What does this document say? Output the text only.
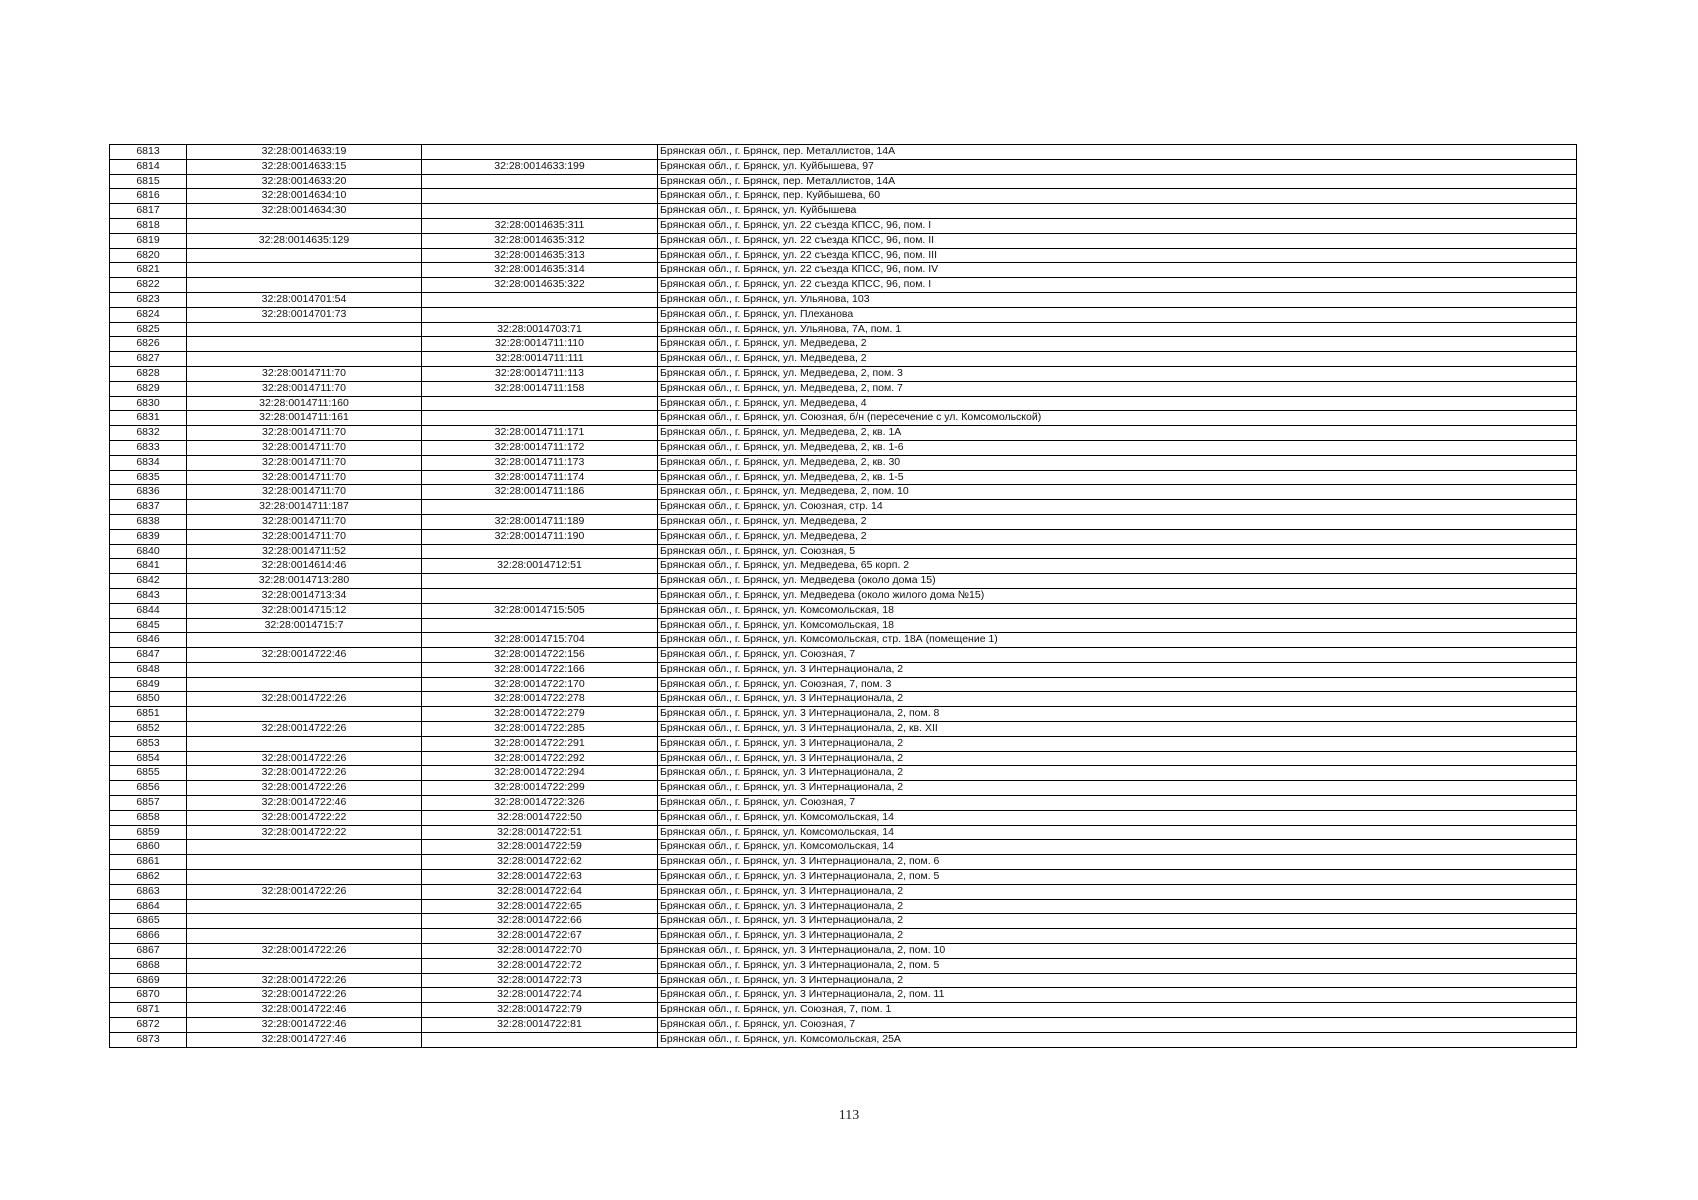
6813	32:28:0014633:19		Брянская обл., г. Брянск, пер. Металлистов, 14А
6814	32:28:0014633:15	32:28:0014633:199	Брянская обл., г. Брянск, ул. Куйбышева, 97
6815	32:28:0014633:20		Брянская обл., г. Брянск, пер. Металлистов, 14А
6816	32:28:0014634:10		Брянская обл., г. Брянск, пер. Куйбышева, 60
6817	32:28:0014634:30		Брянская обл., г. Брянск, ул. Куйбышева
6818		32:28:0014635:311	Брянская обл., г. Брянск, ул. 22 съезда КПСС, 96, пом. I
6819	32:28:0014635:129	32:28:0014635:312	Брянская обл., г. Брянск, ул. 22 съезда КПСС, 96, пом. II
6820		32:28:0014635:313	Брянская обл., г. Брянск, ул. 22 съезда КПСС, 96, пом. III
6821		32:28:0014635:314	Брянская обл., г. Брянск, ул. 22 съезда КПСС, 96, пом. IV
6822		32:28:0014635:322	Брянская обл., г. Брянск, ул. 22 съезда КПСС, 96, пом. I
6823	32:28:0014701:54		Брянская обл., г. Брянск, ул. Ульянова, 103
6824	32:28:0014701:73		Брянская обл., г. Брянск, ул. Плеханова
6825		32:28:0014703:71	Брянская обл., г. Брянск, ул. Ульянова, 7А, пом. 1
6826		32:28:0014711:110	Брянская обл., г. Брянск, ул. Медведева, 2
6827		32:28:0014711:111	Брянская обл., г. Брянск, ул. Медведева, 2
6828	32:28:0014711:70	32:28:0014711:113	Брянская обл., г. Брянск, ул. Медведева, 2, пом. 3
6829	32:28:0014711:70	32:28:0014711:158	Брянская обл., г. Брянск, ул. Медведева, 2, пом. 7
6830	32:28:0014711:160		Брянская обл., г. Брянск, ул. Медведева, 4
6831	32:28:0014711:161		Брянская обл., г. Брянск, ул. Союзная, б/н (пересечение с ул. Комсомольской)
6832	32:28:0014711:70	32:28:0014711:171	Брянская обл., г. Брянск, ул. Медведева, 2, кв. 1А
6833	32:28:0014711:70	32:28:0014711:172	Брянская обл., г. Брянск, ул. Медведева, 2, кв. 1-6
6834	32:28:0014711:70	32:28:0014711:173	Брянская обл., г. Брянск, ул. Медведева, 2, кв. 30
6835	32:28:0014711:70	32:28:0014711:174	Брянская обл., г. Брянск, ул. Медведева, 2, кв. 1-5
6836	32:28:0014711:70	32:28:0014711:186	Брянская обл., г. Брянск, ул. Медведева, 2, пом. 10
6837	32:28:0014711:187		Брянская обл., г. Брянск, ул. Союзная, стр. 14
6838	32:28:0014711:70	32:28:0014711:189	Брянская обл., г. Брянск, ул. Медведева, 2
6839	32:28:0014711:70	32:28:0014711:190	Брянская обл., г. Брянск, ул. Медведева, 2
6840	32:28:0014711:52		Брянская обл., г. Брянск, ул. Союзная, 5
6841	32:28:0014614:46	32:28:0014712:51	Брянская обл., г. Брянск, ул. Медведева, 65 корп. 2
6842	32:28:0014713:280		Брянская обл., г. Брянск, ул. Медведева (около дома 15)
6843	32:28:0014713:34		Брянская обл., г. Брянск, ул. Медведева (около жилого дома №15)
6844	32:28:0014715:12	32:28:0014715:505	Брянская обл., г. Брянск, ул. Комсомольская, 18
6845	32:28:0014715:7		Брянская обл., г. Брянск, ул. Комсомольская, 18
6846		32:28:0014715:704	Брянская обл., г. Брянск, ул. Комсомольская, стр. 18А (помещение 1)
6847	32:28:0014722:46	32:28:0014722:156	Брянская обл., г. Брянск, ул. Союзная, 7
6848		32:28:0014722:166	Брянская обл., г. Брянск, ул. 3 Интернационала, 2
6849		32:28:0014722:170	Брянская обл., г. Брянск, ул. Союзная, 7, пом. 3
6850	32:28:0014722:26	32:28:0014722:278	Брянская обл., г. Брянск, ул. 3 Интернационала, 2
6851		32:28:0014722:279	Брянская обл., г. Брянск, ул. 3 Интернационала, 2, пом. 8
6852	32:28:0014722:26	32:28:0014722:285	Брянская обл., г. Брянск, ул. 3 Интернационала, 2, кв. XII
6853		32:28:0014722:291	Брянская обл., г. Брянск, ул. 3 Интернационала, 2
6854	32:28:0014722:26	32:28:0014722:292	Брянская обл., г. Брянск, ул. 3 Интернационала, 2
6855	32:28:0014722:26	32:28:0014722:294	Брянская обл., г. Брянск, ул. 3 Интернационала, 2
6856	32:28:0014722:26	32:28:0014722:299	Брянская обл., г. Брянск, ул. 3 Интернационала, 2
6857	32:28:0014722:46	32:28:0014722:326	Брянская обл., г. Брянск, ул. Союзная, 7
6858	32:28:0014722:22	32:28:0014722:50	Брянская обл., г. Брянск, ул. Комсомольская, 14
6859	32:28:0014722:22	32:28:0014722:51	Брянская обл., г. Брянск, ул. Комсомольская, 14
6860		32:28:0014722:59	Брянская обл., г. Брянск, ул. Комсомольская, 14
6861		32:28:0014722:62	Брянская обл., г. Брянск, ул. 3 Интернационала, 2, пом. 6
6862		32:28:0014722:63	Брянская обл., г. Брянск, ул. 3 Интернационала, 2, пом. 5
6863	32:28:0014722:26	32:28:0014722:64	Брянская обл., г. Брянск, ул. 3 Интернационала, 2
6864		32:28:0014722:65	Брянская обл., г. Брянск, ул. 3 Интернационала, 2
6865		32:28:0014722:66	Брянская обл., г. Брянск, ул. 3 Интернационала, 2
6866		32:28:0014722:67	Брянская обл., г. Брянск, ул. 3 Интернационала, 2
6867	32:28:0014722:26	32:28:0014722:70	Брянская обл., г. Брянск, ул. 3 Интернационала, 2, пом. 10
6868		32:28:0014722:72	Брянская обл., г. Брянск, ул. 3 Интернационала, 2, пом. 5
6869	32:28:0014722:26	32:28:0014722:73	Брянская обл., г. Брянск, ул. 3 Интернационала, 2
6870	32:28:0014722:26	32:28:0014722:74	Брянская обл., г. Брянск, ул. 3 Интернационала, 2, пом. 11
6871	32:28:0014722:46	32:28:0014722:79	Брянская обл., г. Брянск, ул. Союзная, 7, пом. 1
6872	32:28:0014722:46	32:28:0014722:81	Брянская обл., г. Брянск, ул. Союзная, 7
6873	32:28:0014727:46		Брянская обл., г. Брянск, ул. Комсомольская, 25А
113
